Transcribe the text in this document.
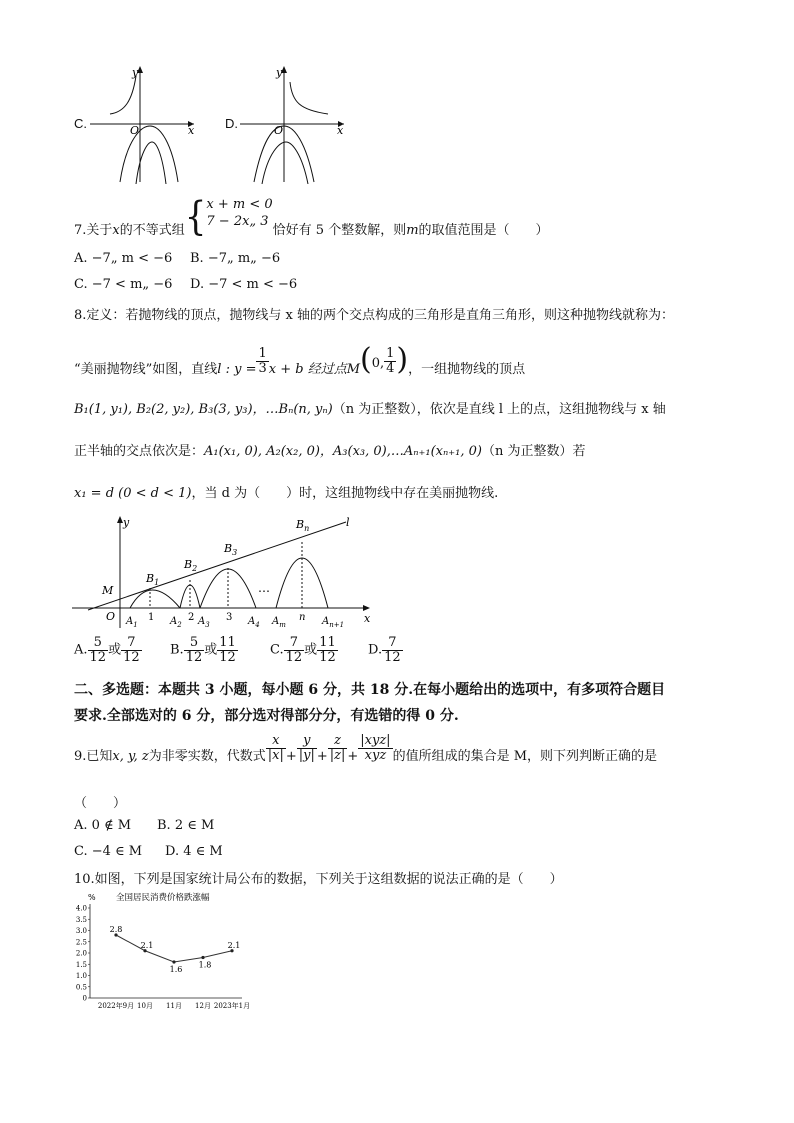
C.
y
x
O	D.
y
x
O
7.关于x的不等式组{ x + m < 0
7 − 2x„ 3
恰好有 5 个整数解，则m的取值范围是（　　）
A. −7„ m < −6 B. −7„ m„ −6
C. −7 < m„ −6 D. −7 < m < −6
8.定义：若抛物线的顶点，抛物线与 x 轴的两个交点构成的三角形是直角三角形，则这种抛物线就称为：
“美丽抛物线”如图，直线l : $y = \frac{1}{3}$ x + b 经过点M(0, $\frac{1}{4}$ )，一组抛物线的顶点
B₁(1, y₁), B₂(2, y₂), B₃(3, y₃)，…Bₙ(n, yₙ)（n 为正整数），依次是直线 l 上的点，这组抛物线与 x 轴
正半轴的交点依次是：A₁(x₁, 0), A₂(x₂, 0)，A₃(x₃, 0),…Aₙ₊₁(xₙ₊₁, 0)（n 为正整数）若
x₁ = d (0 < d < 1)，当 d 为（　　）时，这组抛物线中存在美丽抛物线.
l
y
x
M
O
$B_1$
$B_2$
$B_3$
$B_n$
1	2	3	n
$A_1$	$A_2$ $A_3$	$A_4$ $A_m$	$A_{n+1}$
…
A. $\frac{5}{12}$ 或 $\frac{7}{12} B$. $\frac{5}{12}$ 或 $\frac{11}{12} C$. $\frac{7}{12}$ 或 $\frac{11}{12} D$. $\frac{7}{12}$
二、多选题：本题共 3 小题，每小题 6 分，共 18 分.在每小题给出的选项中，有多项符合题目
要求.全部选对的 6 分，部分选对得部分分，有选错的得 0 分.
9.已知x, y, z为非零实数，代数式 $\frac{x}{|x|} + \frac{y}{|y|} + \frac{z}{|z|} + \frac{\text{|xyz|}}{\text{xyz}}$ 的值所组成的集合是 M，则下列判断正确的是
（　　）
A. 0 ∉ M B. 2 ∈ M
C. −4 ∈ M D. 4 ∈ M
10.如图，下列是国家统计局公布的数据，下列关于这组数据的说法正确的是（　　）
% 全国居民消费价格跌涨幅
0
0.5
1.0
1.5
2.0
2.5
3.0
3.5
4.0
2022年9月 10月 11月 12月 2023年1月
2.8
2.1
1.6 1.8
2.1
